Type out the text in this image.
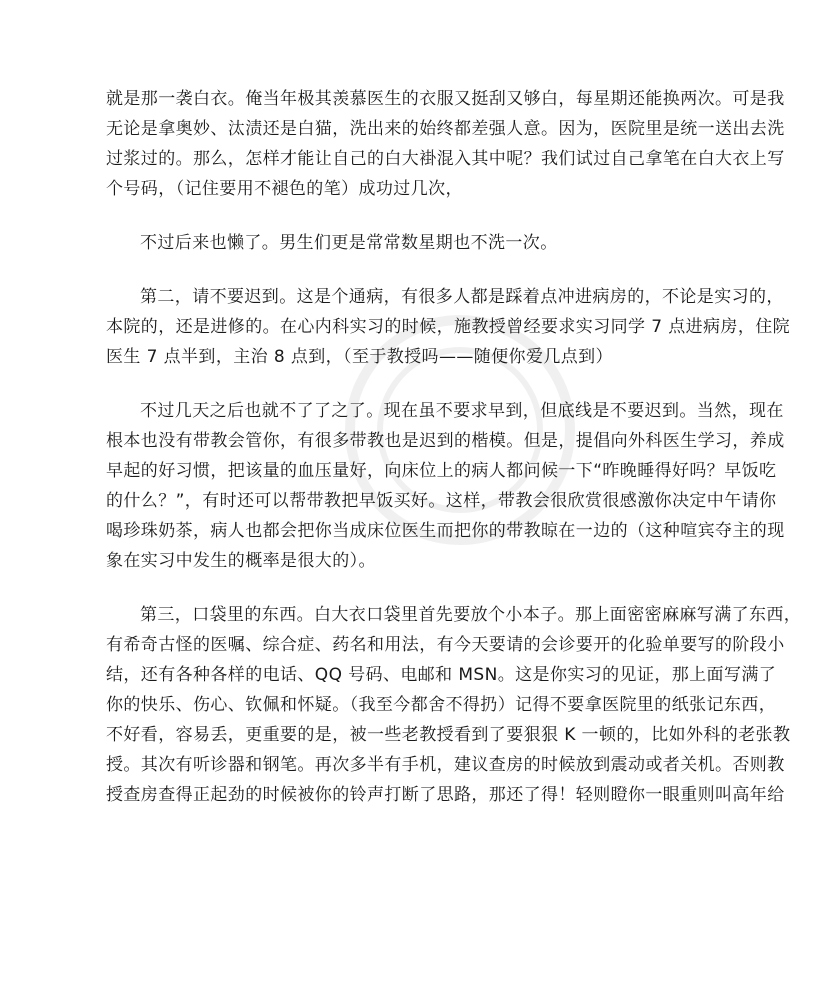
就是那一袭白衣。俺当年极其羡慕医生的衣服又挺刮又够白，每星期还能换两次。可是我
无论是拿奥妙、汰渍还是白猫，洗出来的始终都差强人意。因为，医院里是统一送出去洗
过浆过的。那么，怎样才能让自己的白大褂混入其中呢？我们试过自己拿笔在白大衣上写
个号码，（记住要用不褪色的笔）成功过几次，

不过后来也懒了。男生们更是常常数星期也不洗一次。

第二，请不要迟到。这是个通病，有很多人都是踩着点冲进病房的，不论是实习的，
本院的，还是进修的。在心内科实习的时候，施教授曾经要求实习同学 7 点进病房，住院
医生 7 点半到，主治 8 点到，（至于教授吗——随便你爱几点到）

不过几天之后也就不了了之了。现在虽不要求早到，但底线是不要迟到。当然，现在
根本也没有带教会管你，有很多带教也是迟到的楷模。但是，提倡向外科医生学习，养成
早起的好习惯，把该量的血压量好，向床位上的病人都问候一下“昨晚睡得好吗？早饭吃
的什么？”，有时还可以帮带教把早饭买好。这样，带教会很欣赏很感激你决定中午请你
喝珍珠奶茶，病人也都会把你当成床位医生而把你的带教晾在一边的（这种喧宾夺主的现
象在实习中发生的概率是很大的）。

第三，口袋里的东西。白大衣口袋里首先要放个小本子。那上面密密麻麻写满了东西，
有希奇古怪的医嘱、综合症、药名和用法，有今天要请的会诊要开的化验单要写的阶段小
结，还有各种各样的电话、QQ 号码、电邮和 MSN。这是你实习的见证，那上面写满了
你的快乐、伤心、钦佩和怀疑。（我至今都舍不得扔）记得不要拿医院里的纸张记东西，
不好看，容易丢，更重要的是，被一些老教授看到了要狠狠 K 一顿的，比如外科的老张教
授。其次有听诊器和钢笔。再次多半有手机，建议查房的时候放到震动或者关机。否则教
授查房查得正起劲的时候被你的铃声打断了思路，那还了得！轻则瞪你一眼重则叫高年给
